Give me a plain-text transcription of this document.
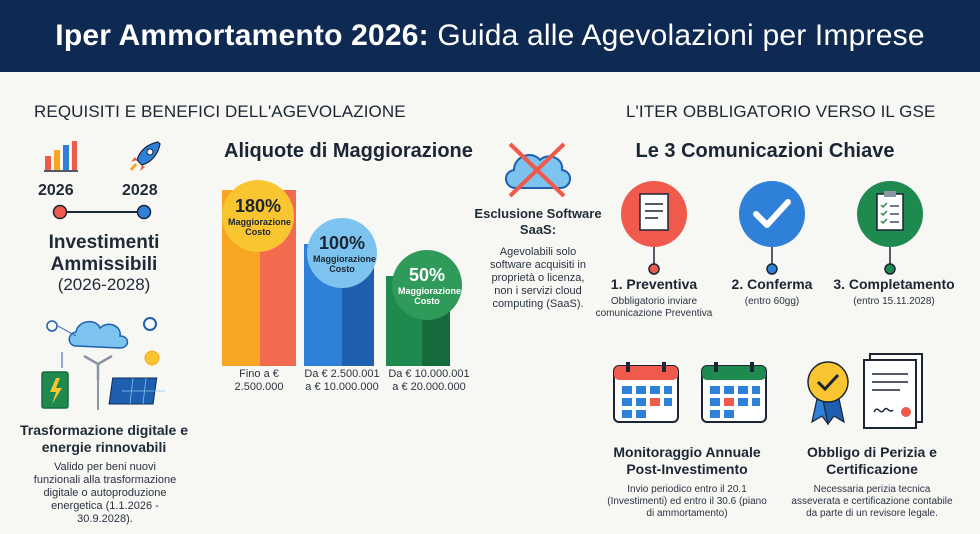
Iper Ammortamento 2026: Guida alle Agevolazioni per Imprese
REQUISITI E BENEFICI DELL'AGEVOLAZIONE
2026	2028
Investimenti Ammissibili
(2026-2028)
Trasformazione digitale e energie rinnovabili
Valido per beni nuovi funzionali alla trasformazione digitale o autoproduzione energetica (1.1.2026 - 30.9.2028).
Aliquote di Maggiorazione
180%
Maggiorazione Costo
100%
Maggiorazione Costo	50%
Maggiorazione Costo
Fino a € 2.500.000
Da € 2.500.001 a € 10.000.000
Da € 10.000.001 a € 20.000.000
Esclusione Software SaaS:
Agevolabili solo software acquisiti in proprietà o licenza, non i servizi cloud computing (SaaS).
L'ITER OBBLIGATORIO VERSO IL GSE
Le 3 Comunicazioni Chiave
1. Preventiva
Obbligatorio inviare comunicazione Preventiva
2. Conferma
(entro 60gg)
3. Completamento
(entro 15.11.2028)
Monitoraggio Annuale Post-Investimento
Invio periodico entro il 20.1 (Investimenti) ed entro il 30.6 (piano di ammortamento)
Obbligo di Perizia e Certificazione
Necessaria perizia tecnica asseverata e certificazione contabile da parte di un revisore legale.
